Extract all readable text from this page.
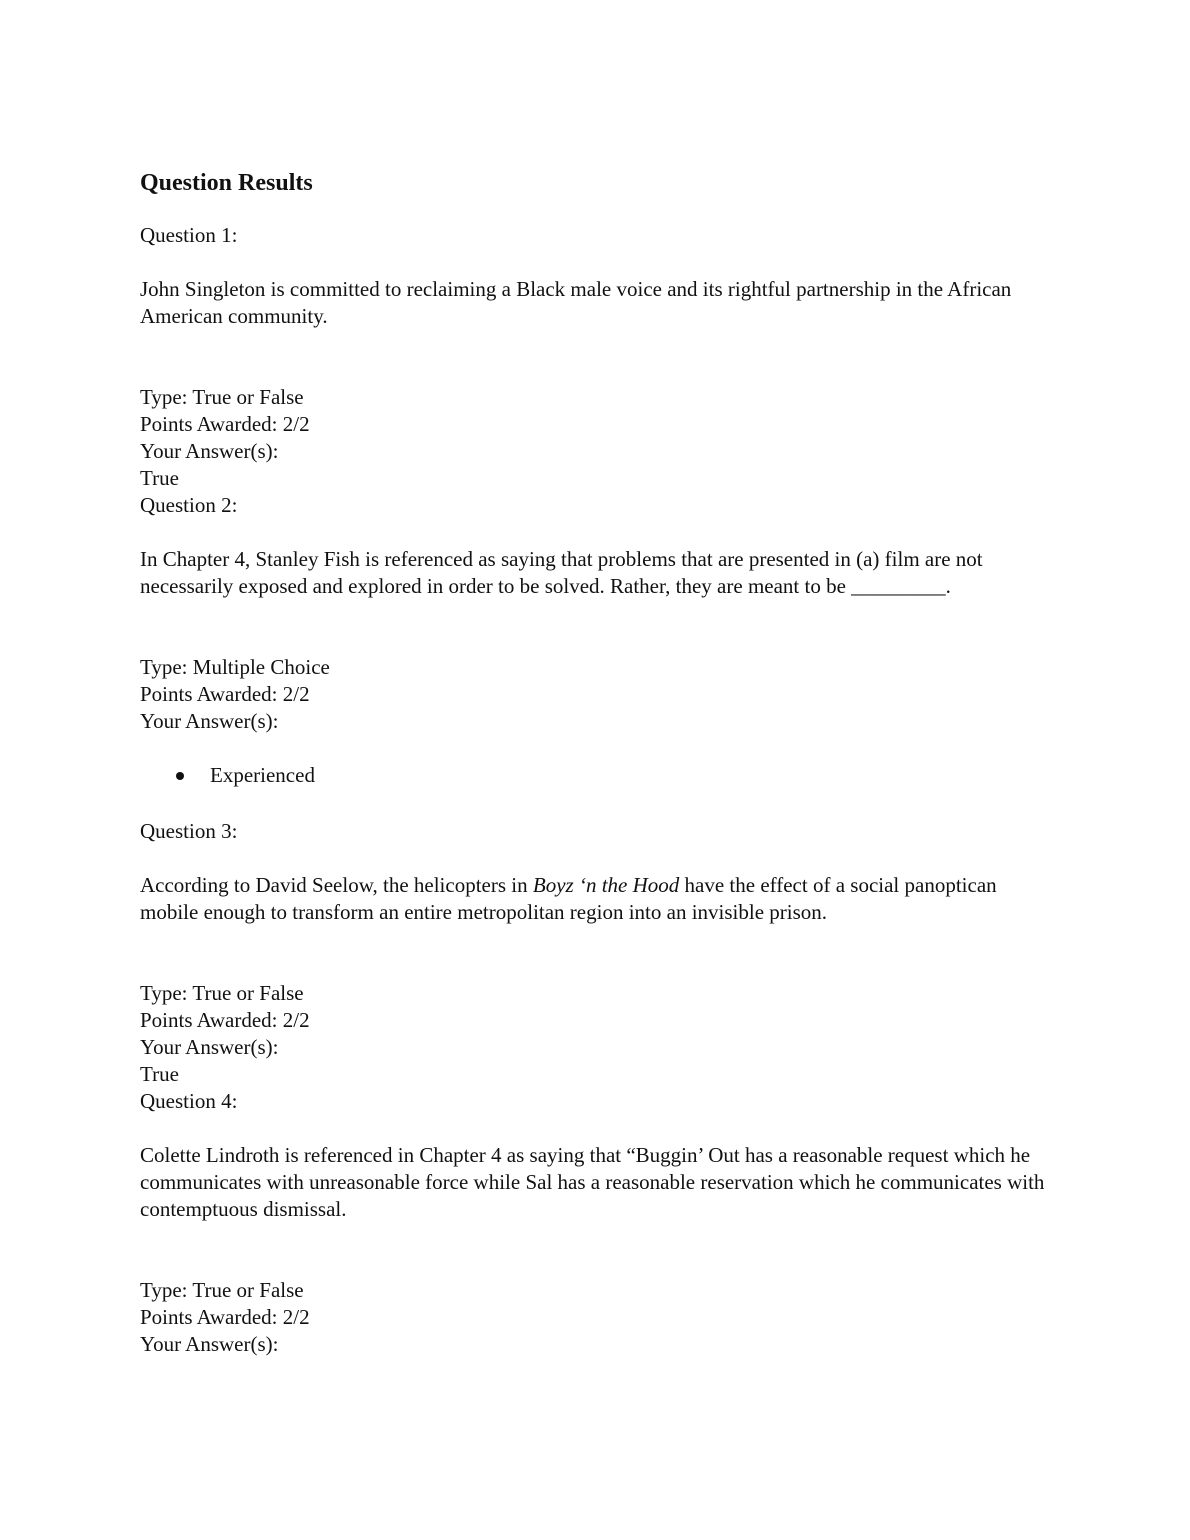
Question Results

Question 1:

John Singleton is committed to reclaiming a Black male voice and its rightful partnership in the African American community.

Type: True or False

Points Awarded: 2/2

Your Answer(s):

True

Question 2:

In Chapter 4, Stanley Fish is referenced as saying that problems that are presented in (a) film are not necessarily exposed and explored in order to be solved. Rather, they are meant to be _________.

Type: Multiple Choice

Points Awarded: 2/2

Your Answer(s):

Experienced

Question 3:

According to David Seelow, the helicopters in Boyz ‘n the Hood have the effect of a social panoptican mobile enough to transform an entire metropolitan region into an invisible prison.

Type: True or False

Points Awarded: 2/2

Your Answer(s):

True

Question 4:

Colette Lindroth is referenced in Chapter 4 as saying that “Buggin’ Out has a reasonable request which he communicates with unreasonable force while Sal has a reasonable reservation which he communicates with contemptuous dismissal.

Type: True or False

Points Awarded: 2/2

Your Answer(s):
